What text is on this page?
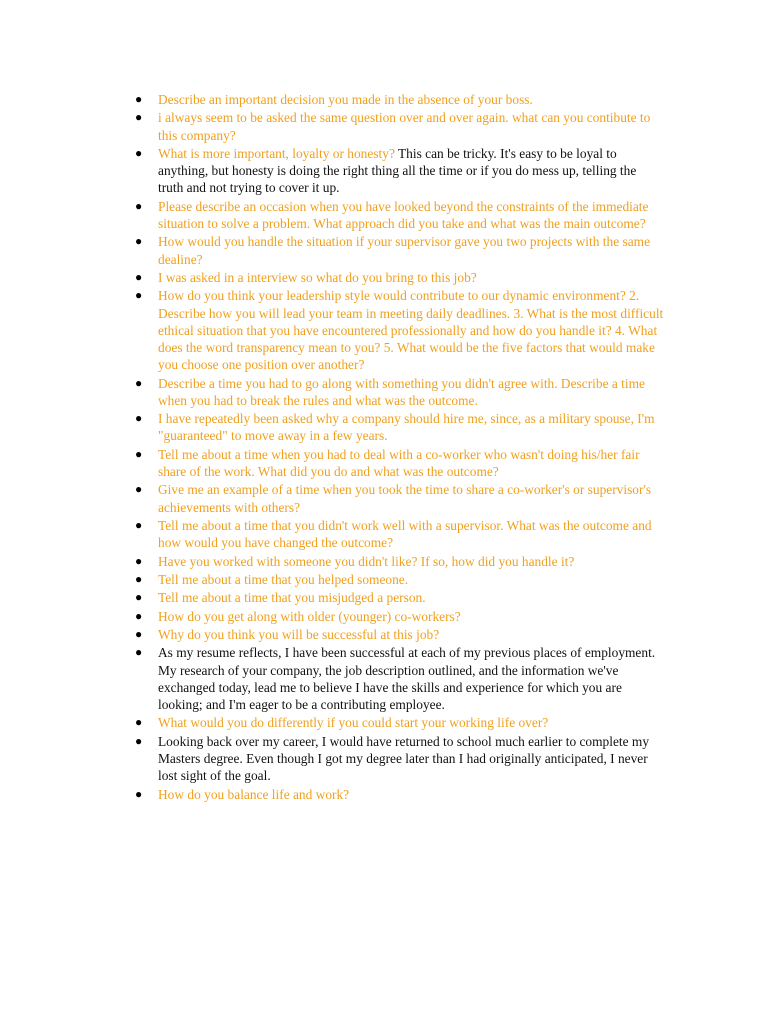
● Describe an important decision you made in the absence of your boss.
● i always seem to be asked the same question over and over again. what can you contibute to this company?
● What is more important, loyalty or honesty? This can be tricky. It's easy to be loyal to anything, but honesty is doing the right thing all the time or if you do mess up, telling the truth and not trying to cover it up.
● Please describe an occasion when you have looked beyond the constraints of the immediate situation to solve a problem. What approach did you take and what was the main outcome?
● How would you handle the situation if your supervisor gave you two projects with the same dealine?
● I was asked in a interview so what do you bring to this job?
● How do you think your leadership style would contribute to our dynamic environment? 2. Describe how you will lead your team in meeting daily deadlines. 3. What is the most difficult ethical situation that you have encountered professionally and how do you handle it? 4. What does the word transparency mean to you? 5. What would be the five factors that would make you choose one position over another?
● Describe a time you had to go along with something you didn't agree with. Describe a time when you had to break the rules and what was the outcome.
● I have repeatedly been asked why a company should hire me, since, as a military spouse, I'm "guaranteed" to move away in a few years.
● Tell me about a time when you had to deal with a co-worker who wasn't doing his/her fair share of the work. What did you do and what was the outcome?
● Give me an example of a time when you took the time to share a co-worker's or supervisor's achievements with others?
● Tell me about a time that you didn't work well with a supervisor. What was the outcome and how would you have changed the outcome?
● Have you worked with someone you didn't like? If so, how did you handle it?
● Tell me about a time that you helped someone.
● Tell me about a time that you misjudged a person.
● How do you get along with older (younger) co-workers?
● Why do you think you will be successful at this job?
● As my resume reflects, I have been successful at each of my previous places of employment. My research of your company, the job description outlined, and the information we've exchanged today, lead me to believe I have the skills and experience for which you are looking; and I'm eager to be a contributing employee.
● What would you do differently if you could start your working life over?
● Looking back over my career, I would have returned to school much earlier to complete my Masters degree. Even though I got my degree later than I had originally anticipated, I never lost sight of the goal.
● How do you balance life and work?
